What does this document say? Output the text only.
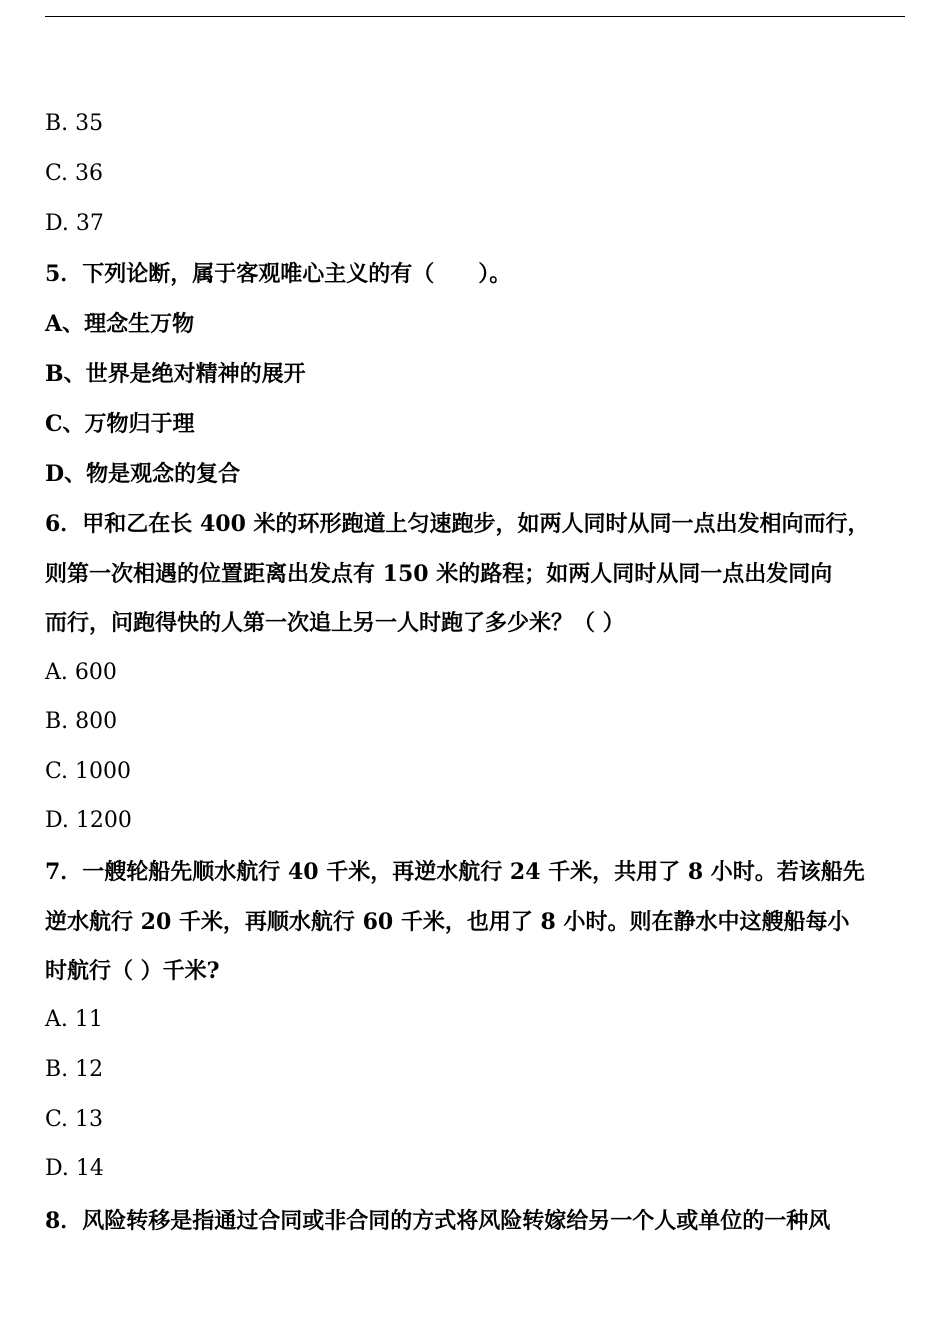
B. 35
C. 36
D. 37
5．下列论断，属于客观唯心主义的有（　　）。
A、理念生万物
B、世界是绝对精神的展开
C、万物归于理
D、物是观念的复合
6．甲和乙在长 400 米的环形跑道上匀速跑步，如两人同时从同一点出发相向而行，
则第一次相遇的位置距离出发点有 150 米的路程；如两人同时从同一点出发同向
而行，问跑得快的人第一次追上另一人时跑了多少米？（ ）
A. 600
B. 800
C. 1000
D. 1200
7．一艘轮船先顺水航行 40 千米，再逆水航行 24 千米，共用了 8 小时。若该船先
逆水航行 20 千米，再顺水航行 60 千米，也用了 8 小时。则在静水中这艘船每小
时航行（ ）千米?
A. 11
B. 12
C. 13
D. 14
8．风险转移是指通过合同或非合同的方式将风险转嫁给另一个人或单位的一种风
